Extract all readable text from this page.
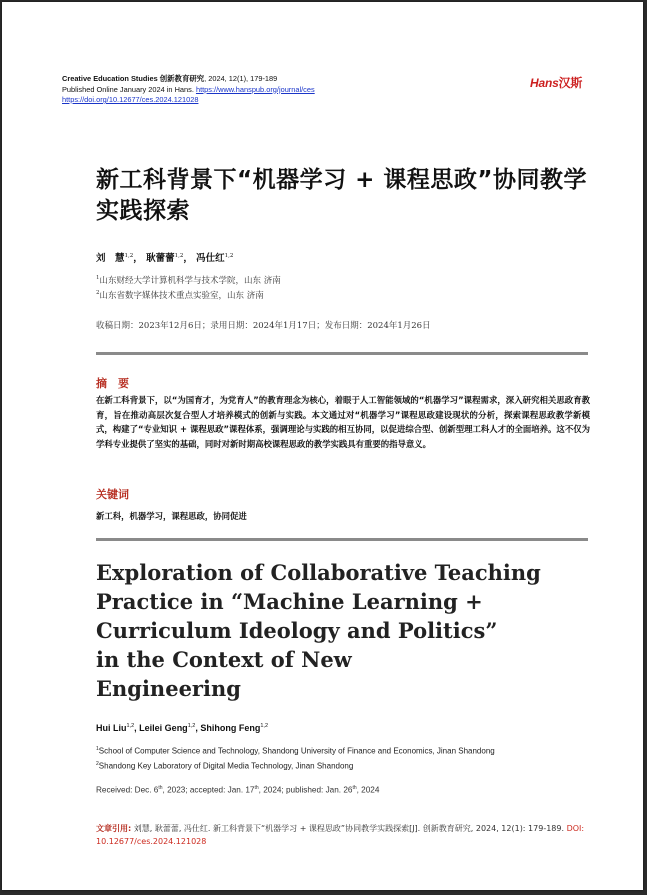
Creative Education Studies 创新教育研究, 2024, 12(1), 179-189
Published Online January 2024 in Hans. https://www.hanspub.org/journal/ces
https://doi.org/10.12677/ces.2024.121028
Hans汉斯
新工科背景下“机器学习 + 课程思政”协同教学实践探索
刘　慧$^{1,2}$， 耿蕾蕾$^{1,2}$， 冯仕红$^{1,2}$
$^1$山东财经大学计算机科学与技术学院，山东 济南
$^2$山东省数字媒体技术重点实验室，山东 济南
收稿日期：2023年12月6日；录用日期：2024年1月17日；发布日期：2024年1月26日
摘　要
在新工科背景下，以“为国育才，为党育人”的教育理念为核心，着眼于人工智能领域的“机器学习”课程需求，深入研究相关思政育教育，旨在推动高层次复合型人才培养模式的创新与实践。本文通过对“机器学习”课程思政建设现状的分析，探索课程思政教学新模式，构建了“专业知识 + 课程思政”课程体系，强调理论与实践的相互协同，以促进综合型、创新型理工科人才的全面培养。这不仅为学科专业提供了坚实的基础，同时对新时期高校课程思政的教学实践具有重要的指导意义。
关键词
新工科，机器学习，课程思政，协同促进
Exploration of Collaborative Teaching
Practice in “Machine Learning +
Curriculum Ideology and Politics”
in the Context of New
Engineering
Hui Liu$^{1,2}$, Leilei Geng$^{1,2}$, Shihong Feng$^{1,2}$
$^1$School of Computer Science and Technology, Shandong University of Finance and Economics, Jinan Shandong
$^2$Shandong Key Laboratory of Digital Media Technology, Jinan Shandong
Received: Dec. 6th, 2023; accepted: Jan. 17th, 2024; published: Jan. 26th, 2024
文章引用: 刘慧, 耿蕾蕾, 冯仕红. 新工科背景下“机器学习 + 课程思政”协同教学实践探索[J]. 创新教育研究, 2024, 12(1): 179-189. DOI: 10.12677/ces.2024.121028
